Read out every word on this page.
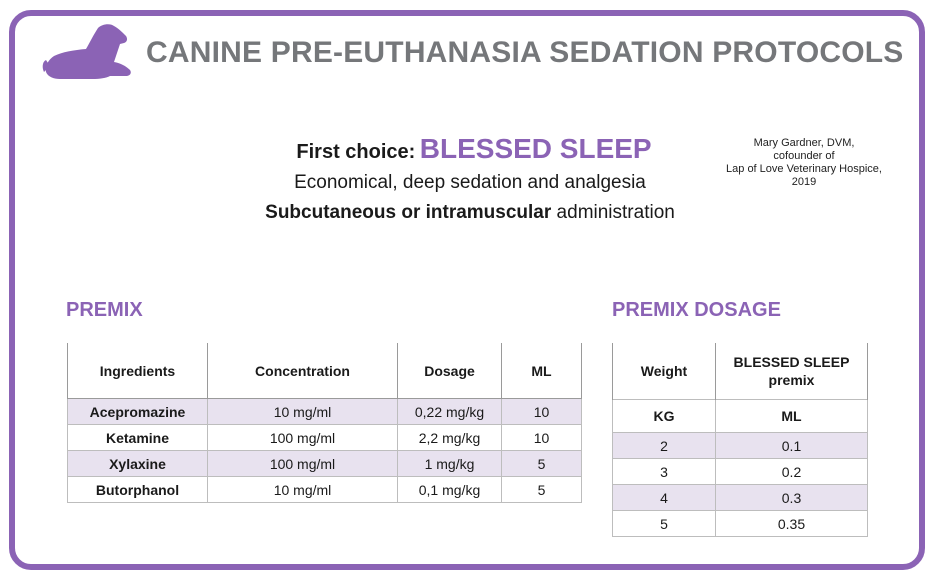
CANINE PRE-EUTHANASIA SEDATION PROTOCOLS
First choice: BLESSED SLEEP
Economical, deep sedation and analgesia
Subcutaneous or intramuscular administration
Mary Gardner, DVM,
cofounder of
Lap of Love Veterinary Hospice,
2019
PREMIX	PREMIX DOSAGE
Ingredients	Concentration	Dosage	ML
Acepromazine	10 mg/ml	0,22 mg/kg	10
Ketamine	100 mg/ml	2,2 mg/kg	10
Xylaxine	100 mg/ml	1 mg/kg	5
Butorphanol	10 mg/ml	0,1 mg/kg	5
Weight	BLESSED SLEEP
premix

KG	ML
2	0.1
3	0.2
4	0.3
5	0.35
